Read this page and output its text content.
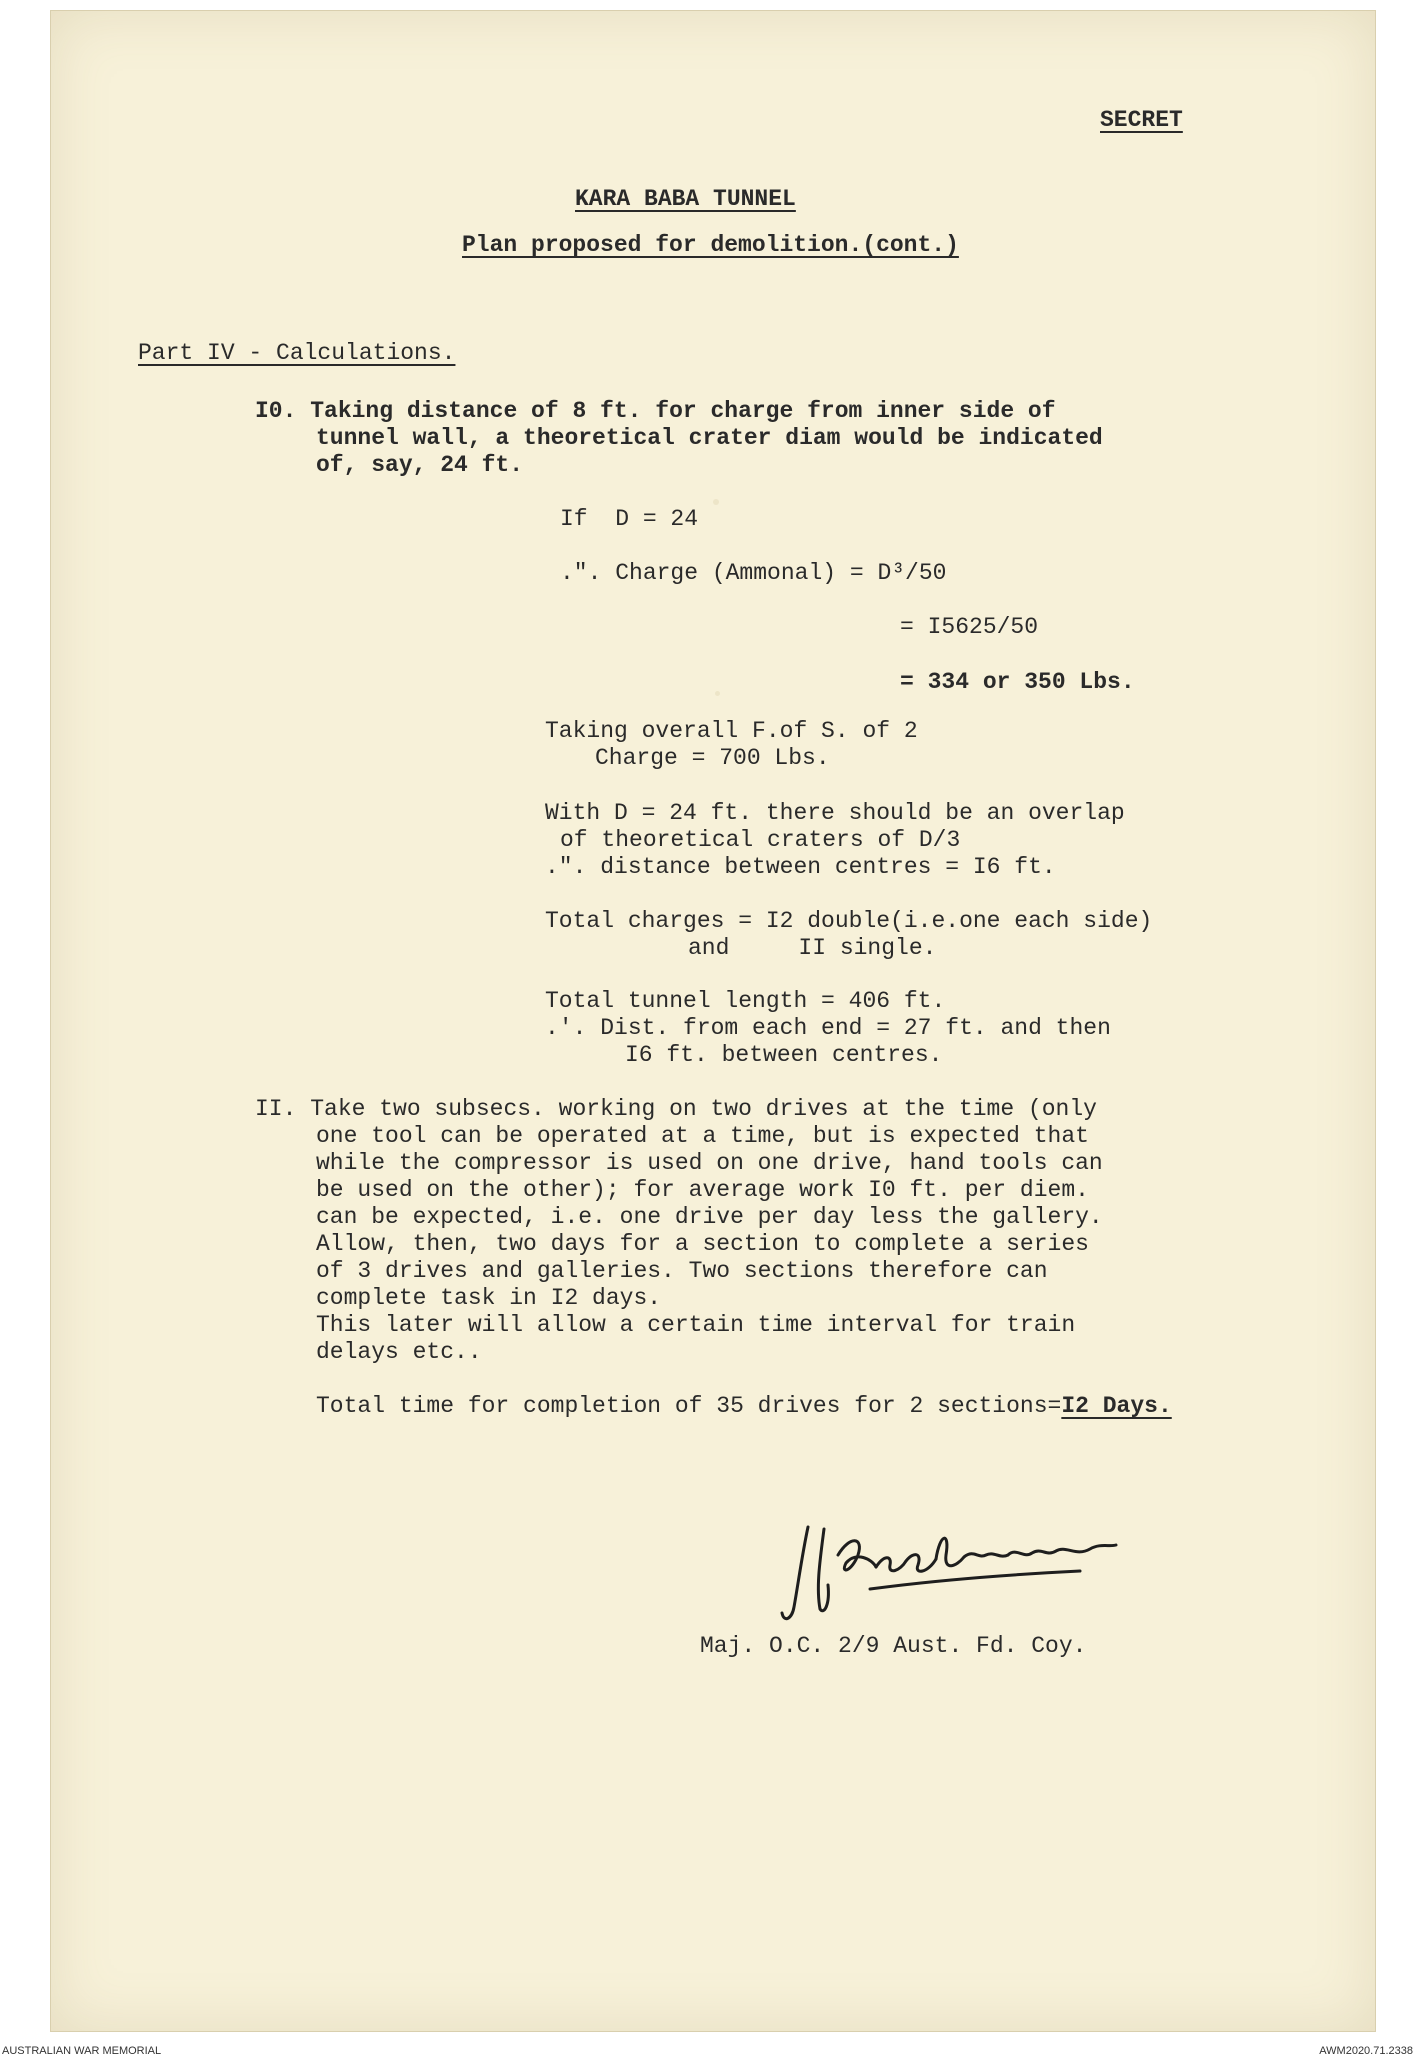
SECRET

KARA BABA TUNNEL

Plan proposed for demolition.(cont.)

Part IV - Calculations.

I0. Taking distance of 8 ft. for charge from inner side of

tunnel wall, a theoretical crater diam would be indicated

of, say, 24 ft.

If  D = 24

.". Charge (Ammonal) = D³/50

= I5625/50

= 334 or 350 Lbs.

Taking overall F.of S. of 2

Charge = 700 Lbs.

With D = 24 ft. there should be an overlap

of theoretical craters of D/3

.". distance between centres = I6 ft.

Total charges = I2 double(i.e.one each side)

and     II single.

Total tunnel length = 406 ft.

.'. Dist. from each end = 27 ft. and then

I6 ft. between centres.

II. Take two subsecs. working on two drives at the time (only

one tool can be operated at a time, but is expected that

while the compressor is used on one drive, hand tools can

be used on the other); for average work I0 ft. per diem.

can be expected, i.e. one drive per day less the gallery.

Allow, then, two days for a section to complete a series

of 3 drives and galleries. Two sections therefore can

complete task in I2 days.

This later will allow a certain time interval for train

delays etc..

Total time for completion of 35 drives for 2 sections=I2 Days.

Maj. O.C. 2/9 Aust. Fd. Coy.

AUSTRALIAN WAR MEMORIAL	AWM2020.71.2338
